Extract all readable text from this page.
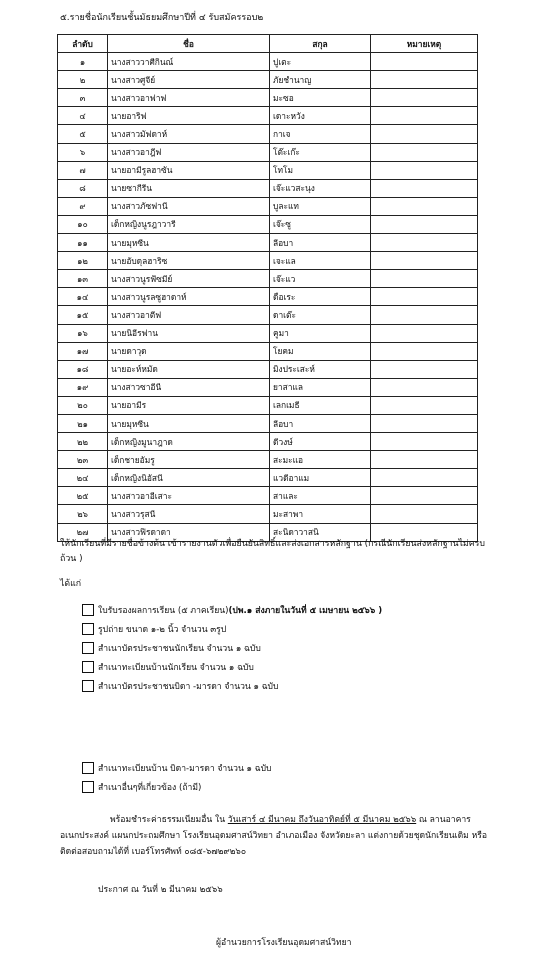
๕.รายชื่อนักเรียนชั้นมัธยมศึกษาปีที่ ๔ รับสมัครรอบ๒
ลำดับ	ชื่อ	สกุล	หมายเหตุ
๑	นางสาววาศีกินณ์	ปูเตะ	
๒	นางสาวศูจีย์	ภัยชำนาญ	
๓	นางสาวอาฟาฟ	มะซอ	
๔	นายอาริฟ	เดาะหวัง	
๕	นางสาวมัฟดาห์	กาเจ	
๖	นางสาวอาฎีฟ	โต๊ะเก๊ะ	
๗	นายอามีรูลฮาซัน	โทโม	
๘	นายซากีรีน	เจ๊ะแวสะนุง	
๙	นางสาวภัซฟานี	บูละแท	
๑๐	เด็กหญิงนูรฎาวารี	เจ๊ะซู	
๑๑	นายมุหซีน	ลีอบา	
๑๒	นายอับดุลฮาริซ	เจะแล	
๑๓	นางสาวนูรฟัซมีย์	เจ๊ะแว	
๑๔	นางสาวนูรลซูฮาดาห์	ดือเระ	
๑๕	นางสาวอาตีฟ	ดาเต๊ะ	
๑๖	นายนิอีรฟาน	คูมา	
๑๗	นายดาวุด	โยคม	
๑๘	นายอะห์หมัด	มิงประเสะห์	
๑๙	นางสาวซาอีนี	ยาสาแล	
๒๐	นายอามีร	เลกเมธี	
๒๑	นายมุหซีน	ลีอบา	
๒๒	เด็กหญิงมูนาฎาด	ดีวงษ์	
๒๓	เด็กชายอัมรู	สะมะแอ	
๒๔	เด็กหญิงนิอัสนี	แวดีอาแม	
๒๕	นางสาวอาอีเสาะ	สาและ	
๒๖	นางสาวรุสนี	มะสาพา	
๒๗	นางสาวฟิรดาดา	สะนิดาวาสนิ	
ให้นักเรียนที่มีรายชื่อข้างต้น เข้ารายงานตัวเพื่อยืนยันสิทธิ์และส่งเอกสารหลักฐาน (กรณีนักเรียนส่งหลักฐานไม่ครบถ้วน )
ได้แก่
ใบรับรองผลการเรียน (๕ ภาคเรียน) (ปพ.๑ ส่งภายในวันที่ ๕ เมษายน ๒๕๖๖ )
รูปถ่าย ขนาด ๑-๒ นิ้ว จำนวน ๓รูป
สำเนาบัตรประชาชนนักเรียน จำนวน ๑ ฉบับ
สำเนาทะเบียนบ้านนักเรียน จำนวน ๑ ฉบับ
สำเนาบัตรประชาชนบิดา -มารดา จำนวน ๑ ฉบับ
สำเนาทะเบียนบ้าน บิดา-มารดา จำนวน ๑ ฉบับ
สำเนาอื่นๆที่เกี่ยวข้อง (ถ้ามี)
พร้อมชำระค่าธรรมเนียมอื่น ใน วันเสาร์ ๔ มีนาคม ถึงวันอาทิตย์ที่ ๕ มีนาคม ๒๕๖๖ ณ ลานอาคารอเนกประสงค์ แผนกประถมศึกษา โรงเรียนอุดมศาสน์วิทยา อำเภอเมือง จังหวัดยะลา แต่งกายด้วยชุดนักเรียนเดิม หรือติดต่อสอบถามได้ที่ เบอร์โทรศัพท์ ๐๘๕-๖๗๒๙๒๖๐
ประกาศ ณ วันที่ ๒ มีนาคม ๒๕๖๖
ผู้อำนวยการโรงเรียนอุดมศาสน์วิทยา
